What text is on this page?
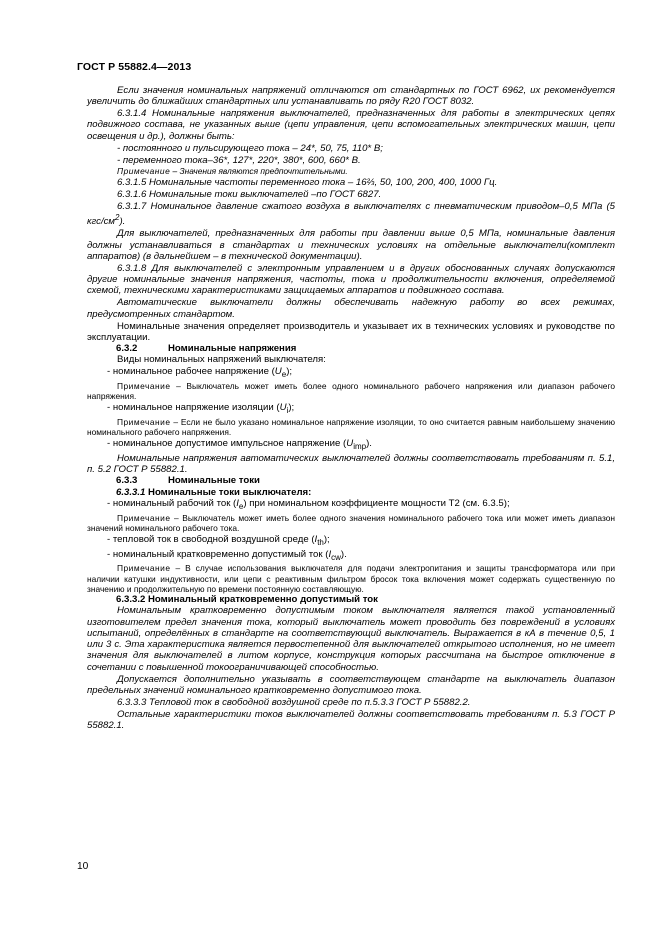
ГОСТ Р 55882.4—2013

Если значения номинальных напряжений отличаются от стандартных по ГОСТ 6962, их рекомендуется увеличить до ближайших стандартных или устанавливать по ряду R20 ГОСТ 8032.

6.3.1.4 Номинальные напряжения выключателей, предназначенных для работы в электрических цепях подвижного состава, не указанных выше (цепи управления, цепи вспомогательных электрических машин, цепи освещения и др.), должны быть:

- постоянного и пульсирующего тока – 24*, 50, 75, 110* В;

- переменного тока–36*, 127*, 220*, 380*, 600, 660* В.

Примечание – Значения являются предпочтительными.

6.3.1.5 Номинальные частоты переменного тока – 16⅔, 50, 100, 200, 400, 1000 Гц.

6.3.1.6 Номинальные токи выключателей –по ГОСТ 6827.

6.3.1.7 Номинальное давление сжатого воздуха в выключателях с пневматическим приводом–0,5 МПа (5 кгс/$см^2$).

Для выключателей, предназначенных для работы при давлении выше 0,5 МПа, номинальные давления должны устанавливаться в стандартах и технических условиях на отдельные выключатели(комплект аппаратов) (в дальнейшем – в технической документации).

6.3.1.8 Для выключателей с электронным управлением и в других обоснованных случаях допускаются другие номинальные значения напряжения, частоты, тока и продолжительности включения, определяемой схемой, техническими характеристиками защищаемых аппаратов и подвижного состава.

Автоматические выключатели должны обеспечивать надежную работу во всех режимах, предусмотренных стандартом.

Номинальные значения определяет производитель и указывает их в технических условиях и руководстве по эксплуатации.

6.3.2	Номинальные напряжения

Виды номинальных напряжений выключателя:

- номинальное рабочее напряжение $(U_e)$;

Примечание – Выключатель может иметь более одного номинального рабочего напряжения или диапазон рабочего напряжения.

- номинальное напряжение изоляции $(U_i)$;

Примечание – Если не было указано номинальное напряжение изоляции, то оно считается равным наибольшему значению номинального рабочего напряжения.

- номинальное допустимое импульсное напряжение $(U_{imp})$.

Номинальные напряжения автоматических выключателей должны соответствовать требованиям п. 5.1, п. 5.2 ГОСТ Р 55882.1.

6.3.3	Номинальные токи
6.3.3.1 Номинальные токи выключателя:

- номинальный рабочий ток $(I_e)$ при номинальном коэффициенте мощности Т2 (см. 6.3.5);

Примечание – Выключатель может иметь более одного значения номинального рабочего тока или может иметь диапазон значений номинального рабочего тока.

- тепловой ток в свободной воздушной среде $(I_{th})$;

- номинальный кратковременно допустимый ток $(I_{cw})$.

Примечание – В случае использования выключателя для подачи электропитания и защиты трансформатора или при наличии катушки индуктивности, или цепи с реактивным фильтром бросок тока включения может содержать существенную по значению и продолжительную по времени постоянную составляющую.

6.3.3.2 Номинальный кратковременно допустимый ток

Номинальным кратковременно допустимым током выключателя является такой установленный изготовителем предел значения тока, который выключатель может проводить без повреждений в условиях испытаний, определённых в стандарте на соответствующий выключатель. Выражается в кА в течение 0,5, 1 или 3 с. Эта характеристика является первостепенной для выключателей открытого исполнения, но не имеет значения для выключателей в литом корпусе, конструкция которых рассчитана на быстрое отключение в сочетании с повышенной токоограничивающей способностью.

Допускается дополнительно указывать в соответствующем стандарте на выключатель диапазон предельных значений номинального кратковременно допустимого тока.

6.3.3.3 Тепловой ток в свободной воздушной среде по п.5.3.3 ГОСТ Р 55882.2.

Остальные характеристики токов выключателей должны соответствовать требованиям п. 5.3 ГОСТ Р 55882.1.

10
